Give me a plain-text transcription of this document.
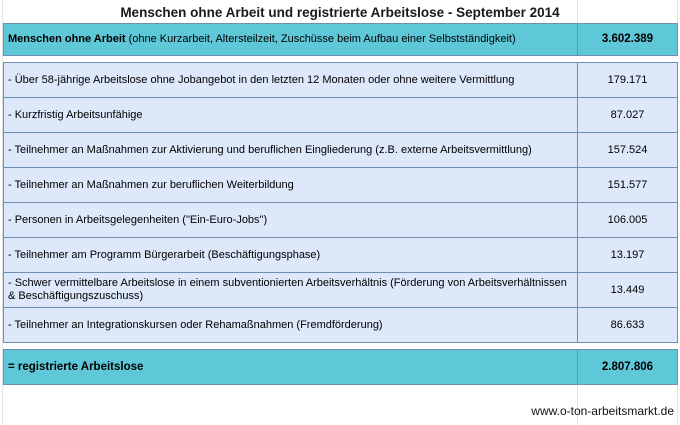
Menschen ohne Arbeit und registrierte Arbeitslose - September 2014
Menschen ohne Arbeit (ohne Kurzarbeit, Altersteilzeit, Zuschüsse beim Aufbau einer Selbstständigkeit)	3.602.389

- Über 58-jährige Arbeitslose ohne Jobangebot in den letzten 12 Monaten oder ohne weitere Vermittlung	179.171
- Kurzfristig Arbeitsunfähige	87.027
- Teilnehmer an Maßnahmen zur Aktivierung und beruflichen Eingliederung (z.B. externe Arbeitsvermittlung)	157.524
- Teilnehmer an Maßnahmen zur beruflichen Weiterbildung	151.577
- Personen in Arbeitsgelegenheiten ("Ein-Euro-Jobs")	106.005
- Teilnehmer am Programm Bürgerarbeit (Beschäftigungsphase)	13.197
- Schwer vermittelbare Arbeitslose in einem subventionierten Arbeitsverhältnis (Förderung von Arbeitsverhältnissen & Beschäftigungszuschuss)	13.449
- Teilnehmer an Integrationskursen oder Rehamaßnahmen (Fremdförderung)	86.633

= registrierte Arbeitslose	2.807.806
www.o-ton-arbeitsmarkt.de
